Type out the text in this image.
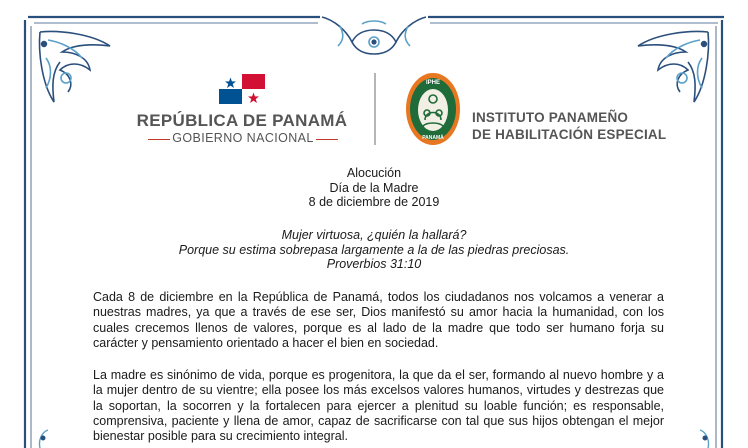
REPÚBLICA DE PANAMÁ
GOBIERNO NACIONAL
IPHE
PANAMÁ
INSTITUTO PANAMEÑO
DE HABILITACIÓN ESPECIAL
Alocución
Día de la Madre
8 de diciembre de 2019
Mujer virtuosa, ¿quién la hallará?
Porque su estima sobrepasa largamente a la de las piedras preciosas.
Proverbios 31:10
Cada 8 de diciembre en la República de Panamá, todos los ciudadanos nos volcamos a venerar a nuestras madres, ya que a través de ese ser, Dios manifestó su amor hacia la humanidad, con los cuales crecemos llenos de valores, porque es al lado de la madre que todo ser humano forja su carácter y pensamiento orientado a hacer el bien en sociedad.
La madre es sinónimo de vida, porque es progenitora, la que da el ser, formando al nuevo hombre y a la mujer dentro de su vientre; ella posee los más excelsos valores humanos, virtudes y destrezas que la soportan, la socorren y la fortalecen para ejercer a plenitud su loable función; es responsable, comprensiva, paciente y llena de amor, capaz de sacrificarse con tal que sus hijos obtengan el mejor bienestar posible para su crecimiento integral.
